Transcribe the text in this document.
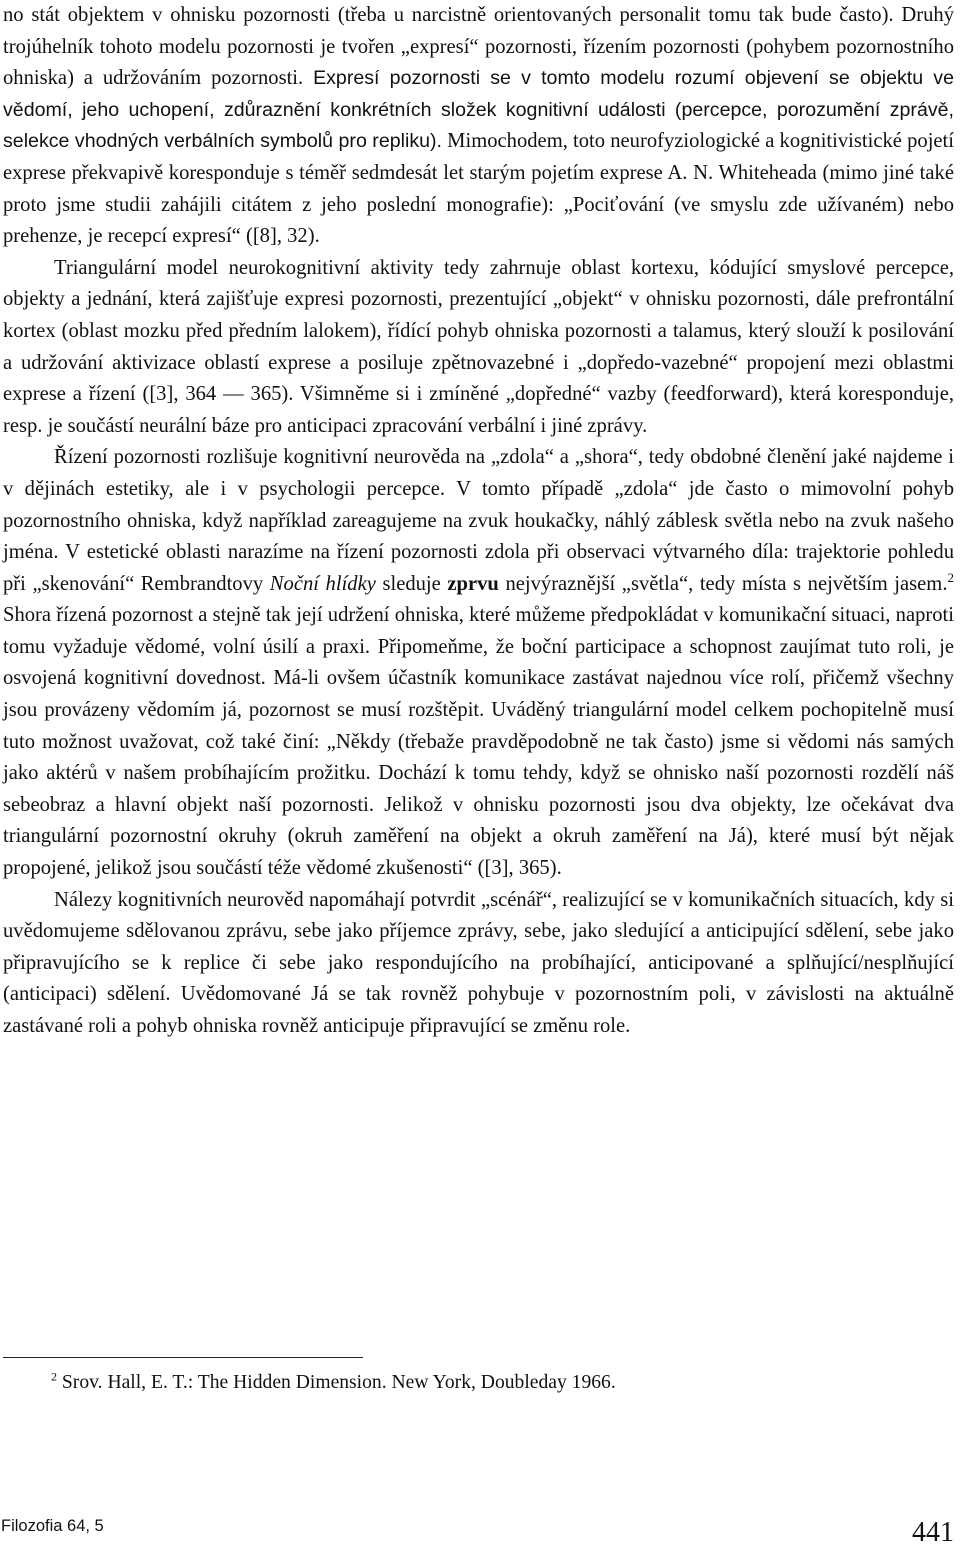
no stát objektem v ohnisku pozornosti (třeba u narcistně orientovaných personalit tomu tak bude často). Druhý trojúhelník tohoto modelu pozornosti je tvořen „expresí“ pozornosti, řízením pozornosti (pohybem pozornostního ohniska) a udržováním pozornosti. Expresí pozornosti se v tomto modelu rozumí objevení se objektu ve vědomí, jeho uchopení, zdůraznění konkrétních složek kognitivní události (percepce, porozumění zprávě, selekce vhodných verbálních symbolů pro repliku). Mimochodem, toto neurofyziologické a kognitivistické pojetí exprese překvapivě koresponduje s téměř sedmdesát let starým pojetím exprese A. N. Whiteheada (mimo jiné také proto jsme studii zahájili citátem z jeho poslední monografie): „Pociťování (ve smyslu zde užívaném) nebo prehenze, je recepcí expresí“ ([8], 32).

Triangulární model neurokognitivní aktivity tedy zahrnuje oblast kortexu, kódující smyslové percepce, objekty a jednání, která zajišťuje expresi pozornosti, prezentující „objekt“ v ohnisku pozornosti, dále prefrontální kortex (oblast mozku před předním lalokem), řídící pohyb ohniska pozornosti a talamus, který slouží k posilování a udržování aktivizace oblastí exprese a posiluje zpětnovazebné i „dopředo-vazebné“ propojení mezi oblastmi exprese a řízení ([3], 364 — 365). Všimněme si i zmíněné „dopředné“ vazby (feedforward), která koresponduje, resp. je součástí neurální báze pro anticipaci zpracování verbální i jiné zprávy.

Řízení pozornosti rozlišuje kognitivní neurověda na „zdola“ a „shora“, tedy obdobné členění jaké najdeme i v dějinách estetiky, ale i v psychologii percepce. V tomto případě „zdola“ jde často o mimovolní pohyb pozornostního ohniska, když například zareagujeme na zvuk houkačky, náhlý záblesk světla nebo na zvuk našeho jména. V estetické oblasti narazíme na řízení pozornosti zdola při observaci výtvarného díla: trajektorie pohledu při „skenování“ Rembrandtovy Noční hlídky sleduje zprvu nejvýraznější „světla“, tedy místa s největším jasem.$^2$ Shora řízená pozornost a stejně tak její udržení ohniska, které můžeme předpokládat v komunikační situaci, naproti tomu vyžaduje vědomé, volní úsilí a praxi. Připomeňme, že boční participace a schopnost zaujímat tuto roli, je osvojená kognitivní dovednost. Má-li ovšem účastník komunikace zastávat najednou více rolí, přičemž všechny jsou provázeny vědomím já, pozornost se musí rozštěpit. Uváděný triangulární model celkem pochopitelně musí tuto možnost uvažovat, což také činí: „Někdy (třebaže pravděpodobně ne tak často) jsme si vědomi nás samých jako aktérů v našem probíhajícím prožitku. Dochází k tomu tehdy, když se ohnisko naší pozornosti rozdělí náš sebeobraz a hlavní objekt naší pozornosti. Jelikož v ohnisku pozornosti jsou dva objekty, lze očekávat dva triangulární pozornostní okruhy (okruh zaměření na objekt a okruh zaměření na Já), které musí být nějak propojené, jelikož jsou součástí téže vědomé zkušenosti“ ([3], 365).

Nálezy kognitivních neurověd napomáhají potvrdit „scénář“, realizující se v komunikačních situacích, kdy si uvědomujeme sdělovanou zprávu, sebe jako příjemce zprávy, sebe, jako sledující a anticipující sdělení, sebe jako připravujícího se k replice či sebe jako respondujícího na probíhající, anticipované a splňující/nesplňující (anticipaci) sdělení. Uvědomované Já se tak rovněž pohybuje v pozornostním poli, v závislosti na aktuálně zastávané roli a pohyb ohniska rovněž anticipuje připravující se změnu role.

$^2$ Srov. Hall, E. T.: The Hidden Dimension. New York, Doubleday 1966.
Filozofia 64, 5	441
